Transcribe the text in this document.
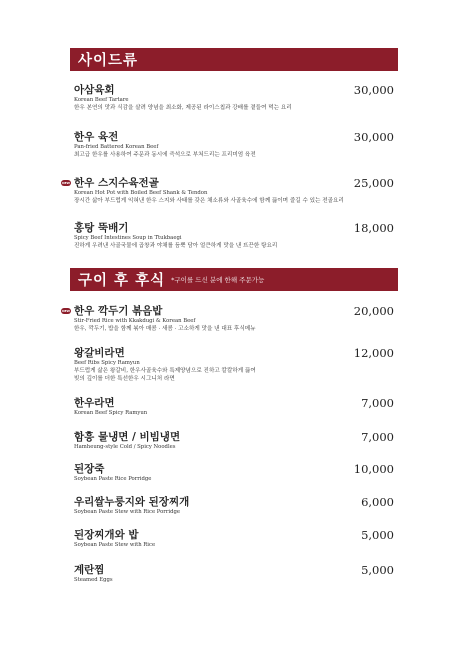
사이드류
아삼육회	30,000
Korean Beef Tartare
한우 본연의 맛과 식감을 살려 양념을 최소화, 제공된 라이스칩과 강배를 곁들여 먹는 요리
한우 육전	30,000
Pan-fried Battered Korean Beef
최고급 한우를 사용하여 주문과 동시에 즉석으로 부쳐드리는 프리미엄 육전
NEW 한우 스지수육전골	25,000
Korean Hot Pot with Boiled Beef Shank & Tendon
장시간 삶아 부드럽게 익혀낸 한우 스지와 사태를 갖은 채소류와 사골육수에 함께 끓이며 즐길 수 있는 전골요리
홍탕 뚝배기	18,000
Spicy Beef Intestines Soup in Ttukbaegi
진하게 우려낸 사골국물에 곱창과 야채를 듬뿍 담아 얼큰하게 맛을 낸 뜨끈한 탕요리
구이 후 후식 *구이를 드신 분에 한해 주문가능
NEW 한우 깍두기 볶음밥	20,000
Stir-Fried Rice with Kkakdugi & Korean Beef
한우, 깍두기, 밥을 함께 볶아 매콤 · 새콤 · 고소하게 맛을 낸 대표 후식메뉴
왕갈비라면	12,000
Beef Ribs Spicy Ramyun
부드럽게 삶은 왕갈비, 한우사골육수와 특제양념으로 진하고 칼칼하게 끓여
빚의 깊이를 더한 특선한우 시그니처 라면
한우라면	7,000
Korean Beef Spicy Ramyun
함흥 물냉면 / 비빔냉면	7,000
Hamheung-style Cold / Spicy Noodles
된장죽	10,000
Soybean Paste Rice Porridge
우리쌀누룽지와 된장찌개	6,000
Soybean Paste Stew with Rice Porridge
된장찌개와 밥	5,000
Soybean Paste Stew with Rice
계란찜	5,000
Steamed Eggs
